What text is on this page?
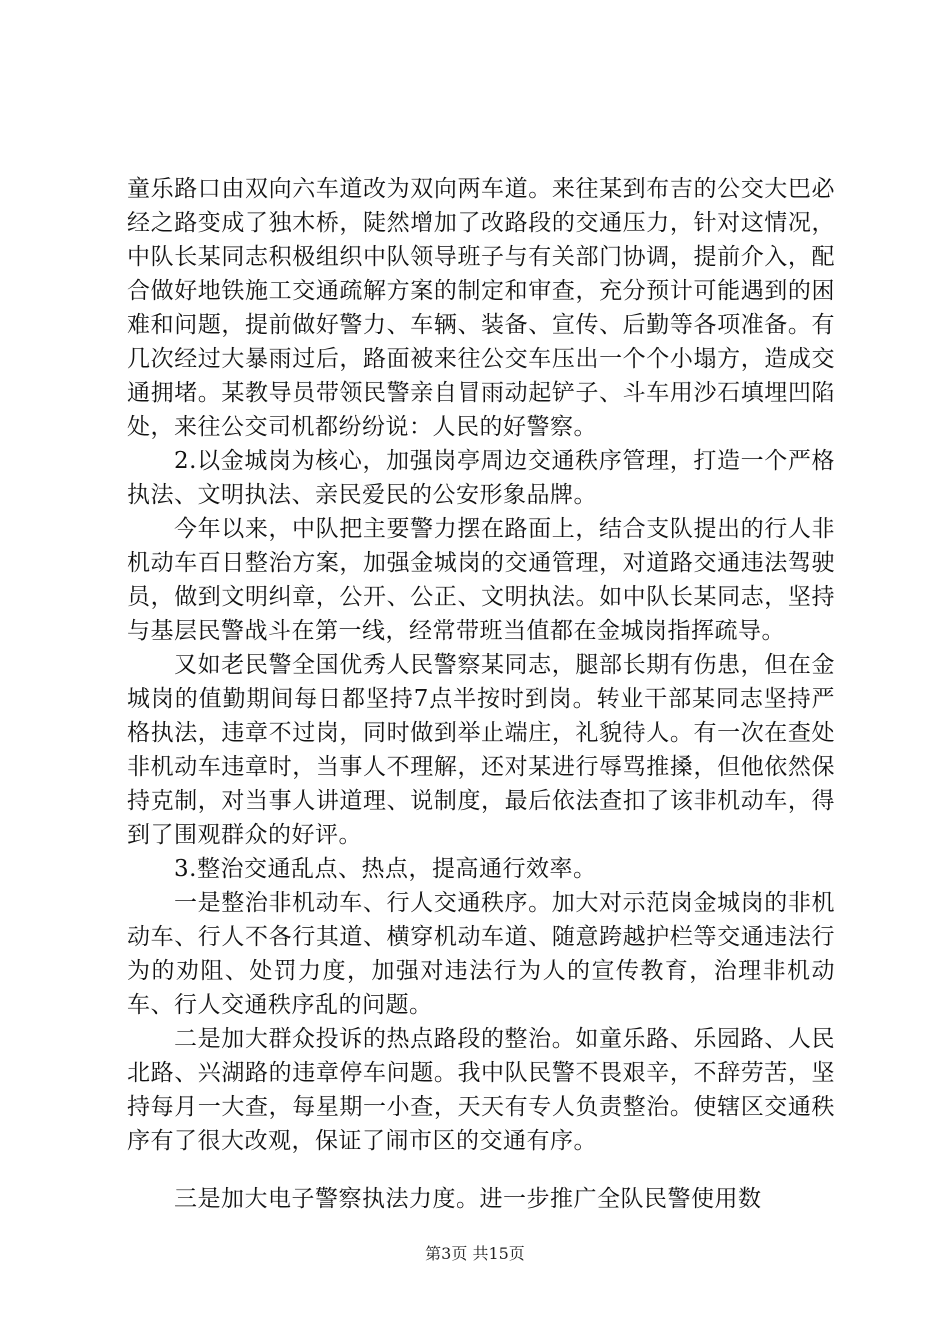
童乐路口由双向六车道改为双向两车道。来往某到布吉的公交大巴必经之路变成了独木桥，陡然增加了改路段的交通压力，针对这情况，中队长某同志积极组织中队领导班子与有关部门协调，提前介入，配合做好地铁施工交通疏解方案的制定和审查，充分预计可能遇到的困难和问题，提前做好警力、车辆、装备、宣传、后勤等各项准备。有几次经过大暴雨过后，路面被来往公交车压出一个个小塌方，造成交通拥堵。某教导员带领民警亲自冒雨动起铲子、斗车用沙石填埋凹陷处，来往公交司机都纷纷说：人民的好警察。

2.以金城岗为核心，加强岗亭周边交通秩序管理，打造一个严格执法、文明执法、亲民爱民的公安形象品牌。

今年以来，中队把主要警力摆在路面上，结合支队提出的行人非机动车百日整治方案，加强金城岗的交通管理，对道路交通违法驾驶员，做到文明纠章，公开、公正、文明执法。如中队长某同志，坚持与基层民警战斗在第一线，经常带班当值都在金城岗指挥疏导。

又如老民警全国优秀人民警察某同志，腿部长期有伤患，但在金城岗的值勤期间每日都坚持7点半按时到岗。转业干部某同志坚持严格执法，违章不过岗，同时做到举止端庄，礼貌待人。有一次在查处非机动车违章时，当事人不理解，还对某进行辱骂推搡，但他依然保持克制，对当事人讲道理、说制度，最后依法查扣了该非机动车，得到了围观群众的好评。

3.整治交通乱点、热点，提高通行效率。

一是整治非机动车、行人交通秩序。加大对示范岗金城岗的非机动车、行人不各行其道、横穿机动车道、随意跨越护栏等交通违法行为的劝阻、处罚力度，加强对违法行为人的宣传教育，治理非机动车、行人交通秩序乱的问题。

二是加大群众投诉的热点路段的整治。如童乐路、乐园路、人民北路、兴湖路的违章停车问题。我中队民警不畏艰辛，不辞劳苦，坚持每月一大查，每星期一小查，天天有专人负责整治。使辖区交通秩序有了很大改观，保证了闹市区的交通有序。

三是加大电子警察执法力度。进一步推广全队民警使用数

第3页 共15页
